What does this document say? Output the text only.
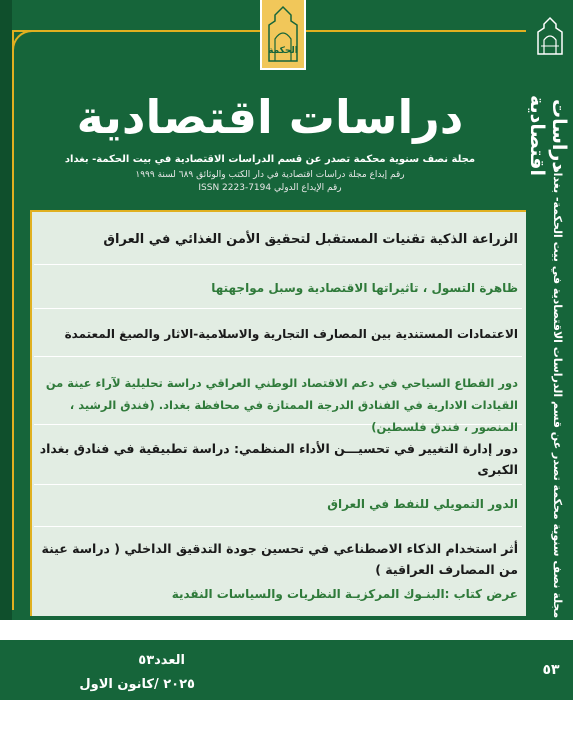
دراسات اقتصادية
مجلة نصف سنوية محكمة تصدر عن قسم الدراسات الاقتصادية في بيت الحكمة- بغداد
الحكمة
دراسات اقتصادية
مجلة نصف سنوية محكمة تصدر عن قسم الدراسات الاقتصادية في بيت الحكمة- بغداد
رقم إيداع مجلة دراسات اقتصادية في دار الكتب والوثائق ٦٨٩ لسنة ١٩٩٩
رقم الإيداع الدولي ISSN 2223-7194
الزراعة الذكية تقنيات المستقبل لتحقيق الأمن الغذائي في العراق
ظاهرة التسول ، تاثيراتها الاقتصادية وسبل مواجهتها
الاعتمادات المستندية بين المصارف التجارية والاسلامية-الاثار والصيغ المعتمدة
دور القطاع السياحي في دعم الاقتصاد الوطني العراقي دراسة تحليلية لآراء عينة من القيادات الادارية في الفنادق الدرجة الممتازة في محافظة بغداد. (فندق الرشيد ، المنصور ، فندق فلسطين)
دور إدارة التغيير في تحسيـــن الأداء المنظمي: دراسة تطبيقية في فنادق بغداد الكبرى
الدور التمويلي للنفط في العراق
أثر استخدام الذكاء الاصطناعي في تحسين جودة التدقيق الداخلي ( دراسة عينة من المصارف العراقية )
عرض كتاب :البنـوك المركزيـة النظريات والسياسات النقدية
العدد٥٣
٢٠٢٥ /كانون الاول
٥٣
